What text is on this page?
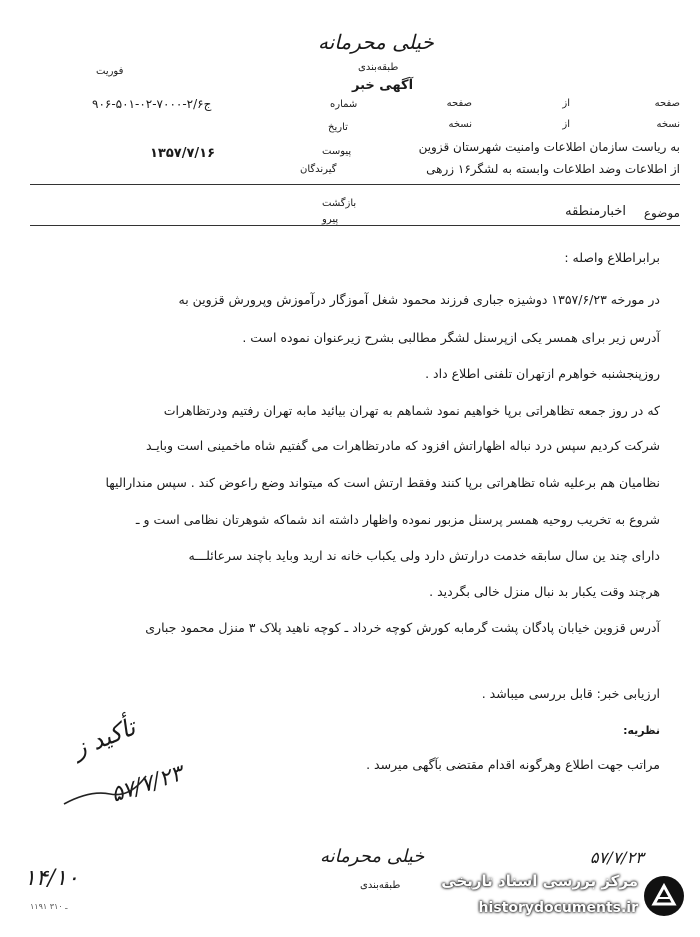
خیلی محرمانه
طبقه‌بندی
فوریت
آگهی خبر
صفحه
از
صفحه
نسخه
از
نسخه
شماره
۹۰۶-۵۰۱-۰۲-۷۰۰۰-ج۲/۶
تاریخ
پیوست
۱۳۵۷/۷/۱۶
گیرندگان
به ریاست سازمان اطلاعات وامنیت شهرستان قزوین
از اطلاعات وضد اطلاعات وابسته به لشگر۱۶ زرهی
بازگشت
پیرو	موضوع
اخبارمنطقه
برابراطلاع واصله :
در مورخه ۱۳۵۷/۶/۲۳ دوشیزه جباری فرزند محمود شغل آموزگار درآموزش وپرورش قزوین به
آدرس زیر برای همسر یکی ازپرسنل لشگر مطالبی بشرح زیرعنوان نموده است .
روزپنجشنبه خواهرم ازتهران تلفنی اطلاع داد .
که در روز جمعه تظاهراتی برپا خواهیم نمود شماهم به تهران بیائید مابه تهران رفتیم ودرتظاهرات
شرکت کردیم سپس درد نباله اظهاراتش افزود که مادرتظاهرات می گفتیم شاه ماخمینی است وبایـد
نظامیان هم برعلیه شاه تظاهراتی برپا کنند وفقط ارتش است که میتواند وضع راعوض کند . سپس منداراليها
شروع به تخریب روحیه همسر پرسنل مزبور نموده واظهار داشته اند شماکه شوهرتان نظامی است و ـ
دارای چند ین سال سابقه خدمت درارتش دارد ولی یکباب خانه ند ارید وباید باچند سرعائلـــه
هرچند وقت یکبار بد نبال منزل خالی بگردید .
آدرس قزوین خیابان پادگان پشت گرمابه کورش کوچه خرداد ـ کوچه ناهید پلاک ۳ منزل محمود جباری
ارزیابی خبر: قابل بررسی میباشد .
نظریه:
مراتب جهت اطلاع وهرگونه اقدام مقتضی بآگهی میرسد .
تأکید ز
۵۷/۷/۲۳
۵۷/۷/۲۳
خیلی محرمانه
طبقه‌بندی
۱۴/۱۰
۱۱۹۱ ـ ۳۱۰
مرکز بررسی اسناد تاریخی
historydocuments.ir
